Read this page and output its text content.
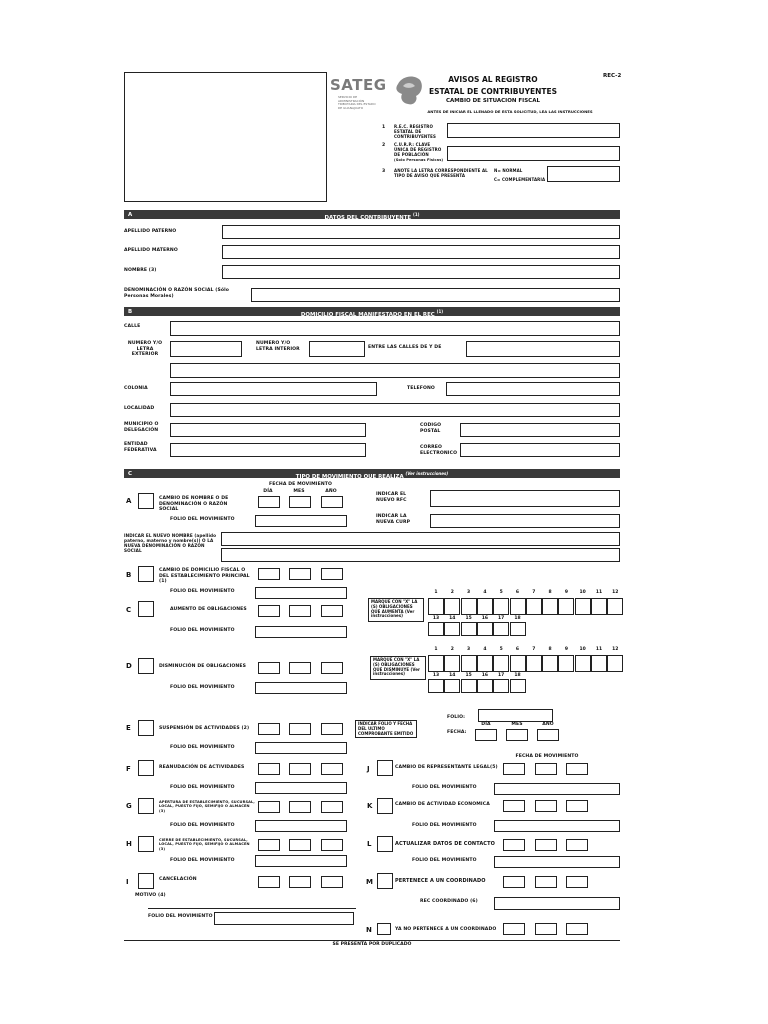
SATEG
SERVICIO DE ADMINISTRACIÓN TRIBUTARIA DEL ESTADO DE GUANAJUATO
REC-2
AVISOS AL REGISTRO
ESTATAL DE CONTRIBUYENTES
CAMBIO DE SITUACION FISCAL
ANTES DE INICIAR EL LLENADO DE ESTA SOLICITUD, LEA LAS INSTRUCCIONES
1 R.E.C. REGISTRO ESTATAL DE CONTRIBUYENTES
2 C.U.R.P.: CLAVE ÚNICA DE REGISTRO DE POBLACIÓN
(Solo Personas Fisicas)
3 ANOTE LA LETRA CORRESPONDIENTE AL TIPO DE AVISO QUE PRESENTA
N= NORMAL
C= COMPLEMENTARIA
A	DATOS DEL CONTRIBUYENTE $^{(1)}$
APELLIDO PATERNO
APELLIDO MATERNO
NOMBRE (3)
DENOMINACIÓN O RAZÓN SOCIAL (Sólo Personas Morales)
B	DOMICILIO FISCAL MANIFESTADO EN EL REC $^{(1)}$
CALLE
NUMERO Y/O LETRA EXTERIOR
NUMERO Y/O LETRA INTERIOR	ENTRE LAS CALLES DE Y DE
COLONIA	TELEFONO
LOCALIDAD
MUNICIPIO O DELEGACIÓN
CODIGO POSTAL
ENTIDAD FEDERATIVA
CORREO ELECTRONICO
C	TIPO DE MOVIMIENTO QUE REALIZA $^{(Ver instrucciones)}$
FECHA DE MOVIMIENTO
DÍA	MES	AÑO
A	CAMBIO DE NOMBRE O DE DENOMINACIÓN O RAZÓN SOCIAL
INDICAR EL NUEVO RFC
FOLIO DEL MOVIMIENTO
INDICAR LA NUEVA CURP
INDICAR EL NUEVO NOMBRE (apellido paterno, materno y nombre(s)) O LA NUEVA DENOMINACIÓN O RAZÓN SOCIAL
B
CAMBIO DE DOMICILIO FISCAL O DEL ESTABLECIMIENTO PRINCIPAL (1)
FOLIO DEL MOVIMIENTO
C	AUMENTO DE OBLIGACIONES
MARQUE CON "X" LA (S) OBLIGACIONES QUE AUMENTA (Ver instrucciones)
FOLIO DEL MOVIMIENTO
1	2	3	4	5	6	7	8	9	10	11	12
13	14	15	16	17	18
D	DISMINUCIÓN DE OBLIGACIONES
MARQUE CON "X" LA (S) OBLIGACIONES QUE DISMINUYE (Ver instrucciones)
FOLIO DEL MOVIMIENTO
1	2	3	4	5	6	7	8	9	10	11	12
13	14	15	16	17	18
E	SUSPENSIÓN DE ACTIVIDADES (2)
INDICAR FOLIO Y FECHA DEL ULTIMO COMPROBANTE EMITIDO
FOLIO:
DÍA	MES	AÑO
FECHA:
FOLIO DEL MOVIMIENTO
F	REANUDACIÓN DE ACTIVIDADES
FOLIO DEL MOVIMIENTO
G	APERTURA DE ESTABLECIMIENTO, SUCURSAL, LOCAL, PUESTO FIJO, SEMIFIJO O ALMACEN (3)
FOLIO DEL MOVIMIENTO
H	CIERRE DE ESTABLECIMIENTO, SUCURSAL, LOCAL, PUESTO FIJO, SEMIFIJO O ALMACEN (3)
FOLIO DEL MOVIMIENTO
I	CANCELACIÓN
MOTIVO (4)
FOLIO DEL MOVIMIENTO
FECHA DE MOVIMIENTO
J	CAMBIO DE REPRESENTANTE LEGAL(5)
FOLIO DEL MOVIMIENTO
K	CAMBIO DE ACTIVIDAD ECONOMICA
FOLIO DEL MOVIMIENTO
L	ACTUALIZAR DATOS DE CONTACTO
FOLIO DEL MOVIMIENTO
M	PERTENECE A UN COORDINADO
REC COORDINADO (6)
N	YA NO PERTENECE A UN COORDINADO
SE PRESENTA POR DUPLICADO
